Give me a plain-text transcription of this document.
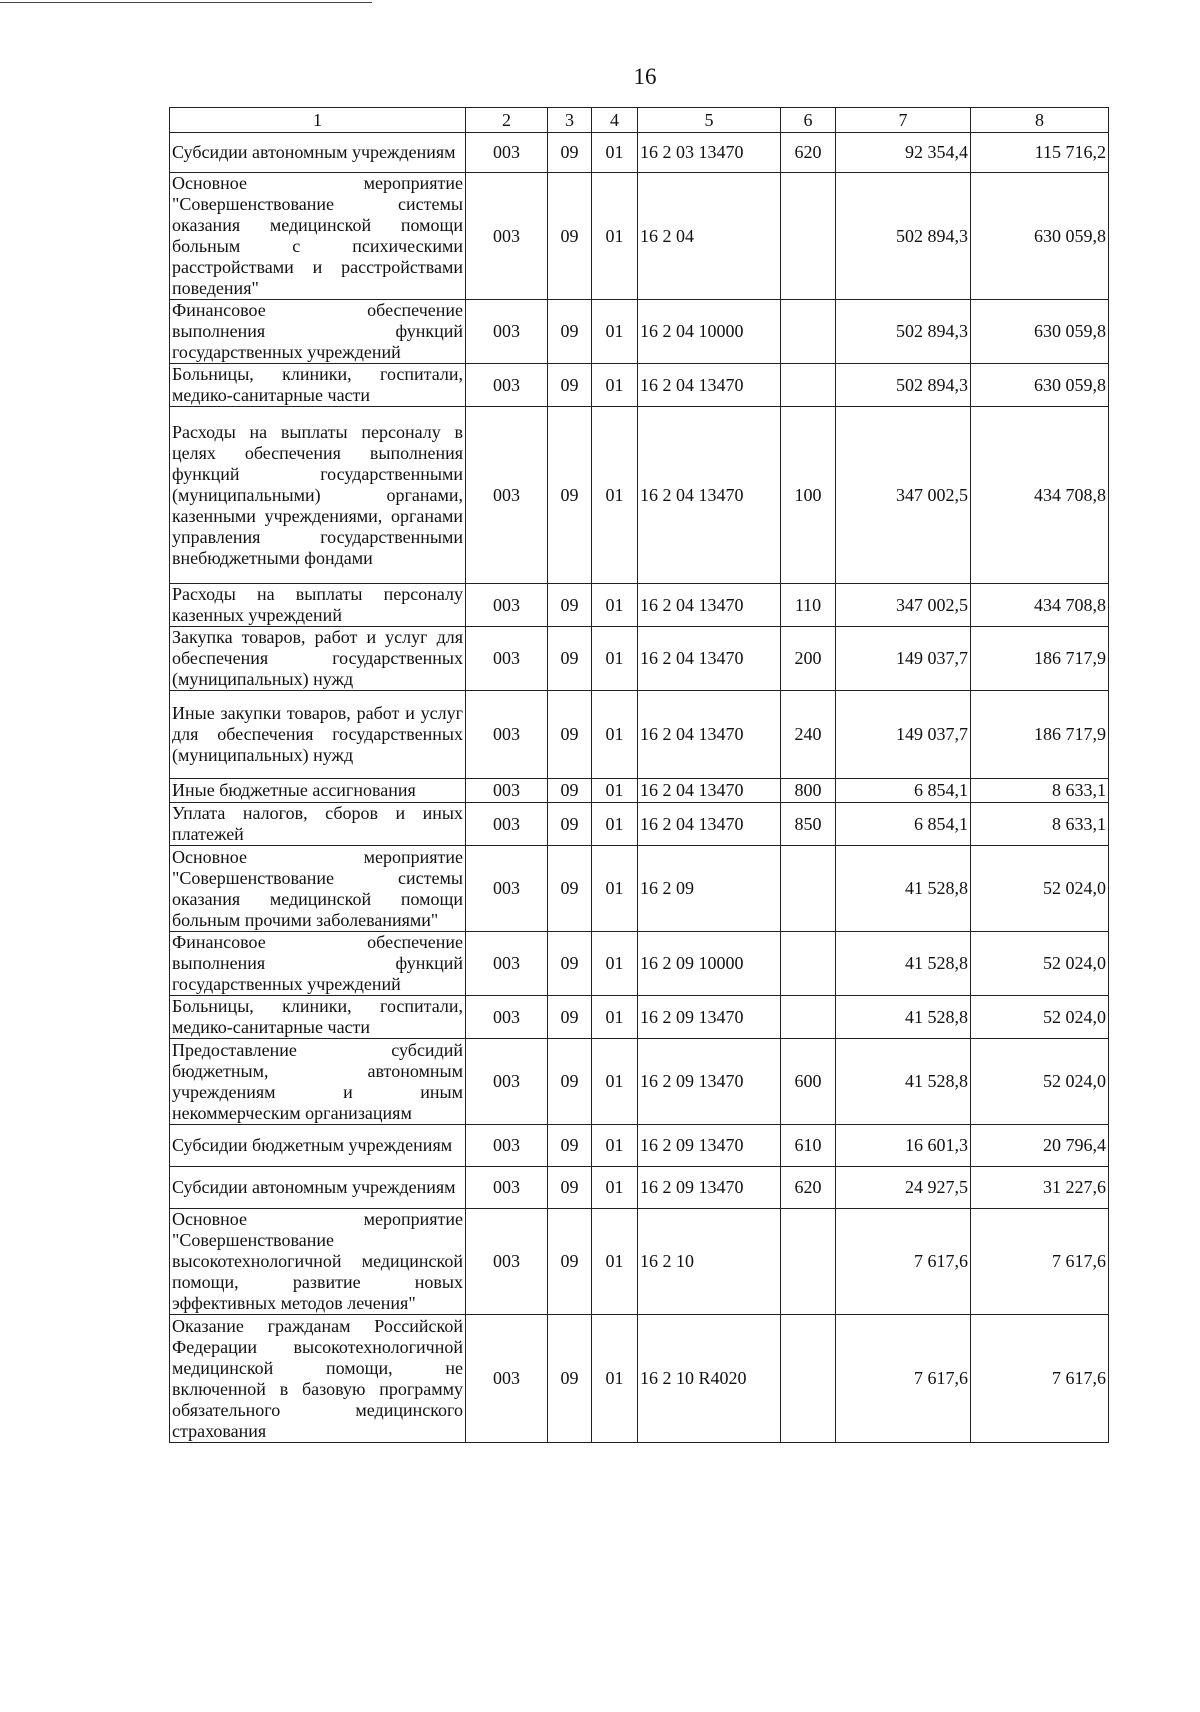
16
1	2	3	4	5	6	7	8
Субсидии автономным учреждениям	003	09	01	16 2 03 13470	620	92 354,4	115 716,2
Основное мероприятие "Совершенствование системы оказания медицинской помощи больным с психическими расстройствами и расстройствами поведения"	003	09	01	16 2 04		502 894,3	630 059,8
Финансовое обеспечение выполнения функций государственных учреждений	003	09	01	16 2 04 10000		502 894,3	630 059,8
Больницы, клиники, госпитали, медико-санитарные части	003	09	01	16 2 04 13470		502 894,3	630 059,8
Расходы на выплаты персоналу в целях обеспечения выполнения функций государственными (муниципальными) органами, казенными учреждениями, органами управления государственными внебюджетными фондами	003	09	01	16 2 04 13470	100	347 002,5	434 708,8
Расходы на выплаты персоналу казенных учреждений	003	09	01	16 2 04 13470	110	347 002,5	434 708,8
Закупка товаров, работ и услуг для обеспечения государственных (муниципальных) нужд	003	09	01	16 2 04 13470	200	149 037,7	186 717,9
Иные закупки товаров, работ и услуг для обеспечения государственных (муниципальных) нужд	003	09	01	16 2 04 13470	240	149 037,7	186 717,9
Иные бюджетные ассигнования	003	09	01	16 2 04 13470	800	6 854,1	8 633,1
Уплата налогов, сборов и иных платежей	003	09	01	16 2 04 13470	850	6 854,1	8 633,1
Основное мероприятие "Совершенствование системы оказания медицинской помощи больным прочими заболеваниями"	003	09	01	16 2 09		41 528,8	52 024,0
Финансовое обеспечение выполнения функций государственных учреждений	003	09	01	16 2 09 10000		41 528,8	52 024,0
Больницы, клиники, госпитали, медико-санитарные части	003	09	01	16 2 09 13470		41 528,8	52 024,0
Предоставление субсидий бюджетным, автономным учреждениям и иным некоммерческим организациям	003	09	01	16 2 09 13470	600	41 528,8	52 024,0
Субсидии бюджетным учреждениям	003	09	01	16 2 09 13470	610	16 601,3	20 796,4
Субсидии автономным учреждениям	003	09	01	16 2 09 13470	620	24 927,5	31 227,6
Основное мероприятие "Совершенствование высокотехнологичной медицинской помощи, развитие новых эффективных методов лечения"	003	09	01	16 2 10		7 617,6	7 617,6
Оказание гражданам Российской Федерации высокотехнологичной медицинской помощи, не включенной в базовую программу обязательного медицинского страхования	003	09	01	16 2 10 R4020		7 617,6	7 617,6
